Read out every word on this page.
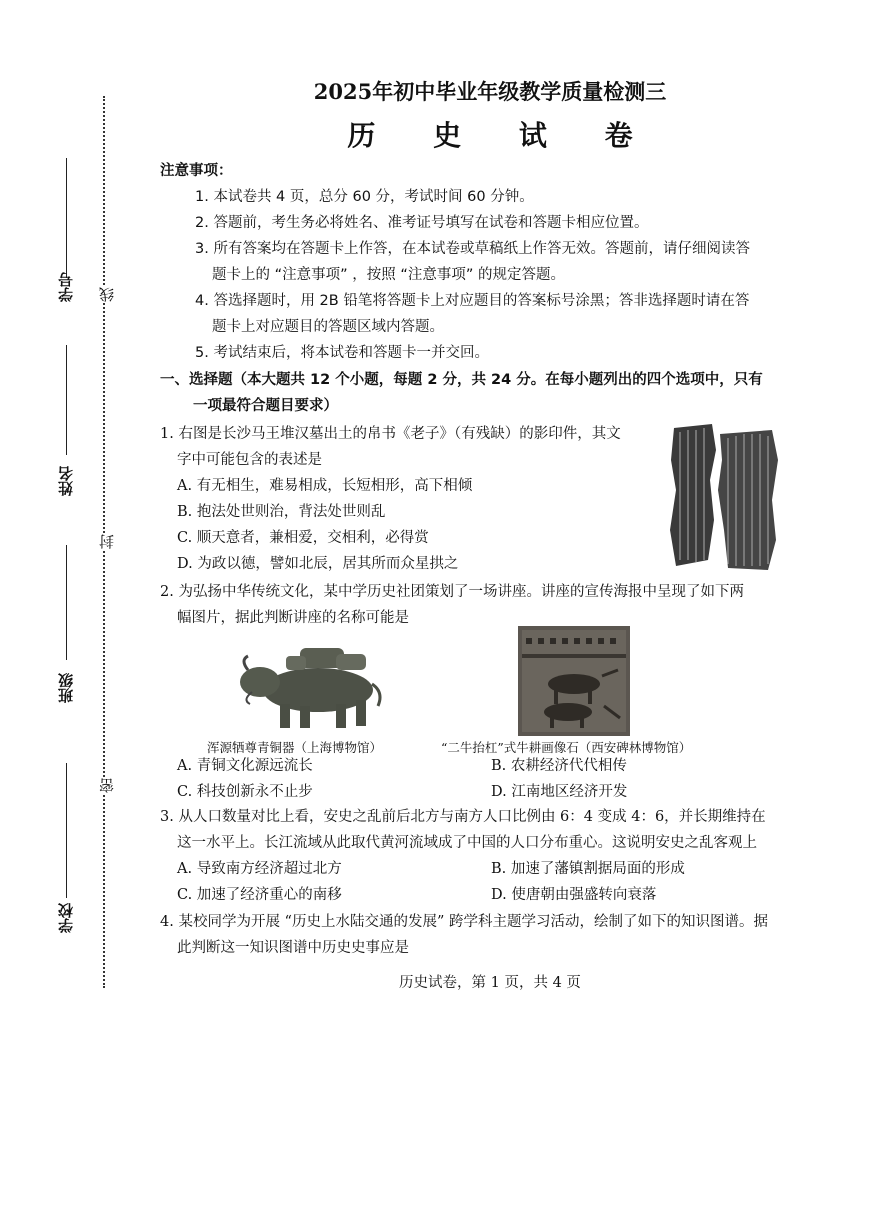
学号
姓名
班级
学校
线
封
密
2025年初中毕业年级教学质量检测三
历 史 试 卷
注意事项：
1. 本试卷共 4 页，总分 60 分，考试时间 60 分钟。
2. 答题前，考生务必将姓名、准考证号填写在试卷和答题卡相应位置。
3. 所有答案均在答题卡上作答，在本试卷或草稿纸上作答无效。答题前，请仔细阅读答
题卡上的 “注意事项” ，按照 “注意事项” 的规定答题。
4. 答选择题时，用 2B 铅笔将答题卡上对应题目的答案标号涂黑；答非选择题时请在答
题卡上对应题目的答题区域内答题。
5. 考试结束后，将本试卷和答题卡一并交回。
一、选择题（本大题共 12 个小题，每题 2 分，共 24 分。在每小题列出的四个选项中，只有
一项最符合题目要求）
1. 右图是长沙马王堆汉墓出土的帛书《老子》（有残缺）的影印件，其文
字中可能包含的表述是
A. 有无相生，难易相成，长短相形，高下相倾
B. 抱法处世则治，背法处世则乱
C. 顺天意者，兼相爱，交相利，必得赏
D. 为政以德，譬如北辰，居其所而众星拱之
2. 为弘扬中华传统文化，某中学历史社团策划了一场讲座。讲座的宣传海报中呈现了如下两
幅图片，据此判断讲座的名称可能是
浑源牺尊青铜器（上海博物馆）	“二牛抬杠”式牛耕画像石（西安碑林博物馆）
A. 青铜文化源远流长	B. 农耕经济代代相传
C. 科技创新永不止步	D. 江南地区经济开发
3. 从人口数量对比上看，安史之乱前后北方与南方人口比例由 6：4 变成 4：6，并长期维持在
这一水平上。长江流域从此取代黄河流域成了中国的人口分布重心。这说明安史之乱客观上
A. 导致南方经济超过北方	B. 加速了藩镇割据局面的形成
C. 加速了经济重心的南移	D. 使唐朝由强盛转向衰落
4. 某校同学为开展 “历史上水陆交通的发展” 跨学科主题学习活动，绘制了如下的知识图谱。据
此判断这一知识图谱中历史史事应是
历史试卷，第 1 页，共 4 页
